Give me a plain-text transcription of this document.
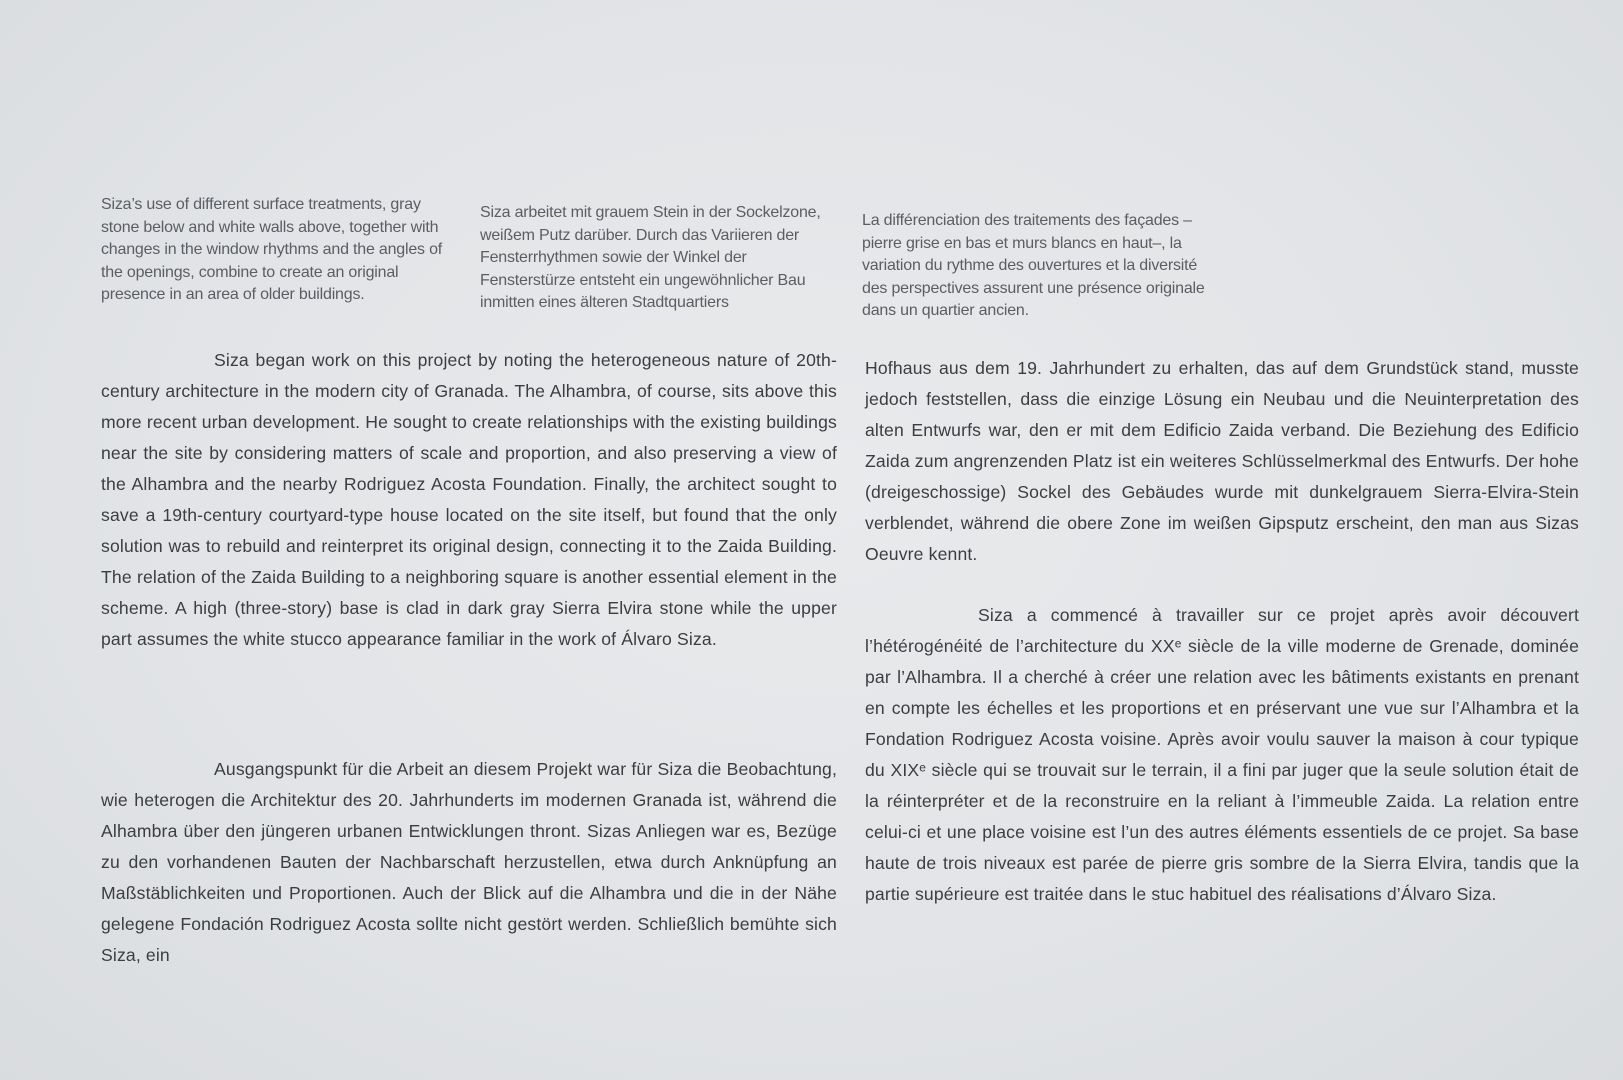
Siza’s use of different surface treatments, gray stone below and white walls above, together with changes in the window rhythms and the angles of the openings, combine to create an original presence in an area of older buildings.
Siza arbeitet mit grauem Stein in der Sockelzone, weißem Putz darüber. Durch das Variieren der Fensterrhythmen sowie der Winkel der Fensterstürze entsteht ein ungewöhnlicher Bau inmitten eines älteren Stadtquartiers
La différenciation des traitements des façades –pierre grise en bas et murs blancs en haut–, la variation du rythme des ouvertures et la diversité des perspectives assurent une présence originale dans un quartier ancien.

Siza began work on this project by noting the heterogeneous nature of 20th-century architecture in the modern city of Granada. The Alhambra, of course, sits above this more recent urban development. He sought to create relationships with the existing buildings near the site by considering matters of scale and proportion, and also preserving a view of the Alhambra and the nearby Rodriguez Acosta Foundation. Finally, the architect sought to save a 19th-century courtyard-type house located on the site itself, but found that the only solution was to rebuild and reinterpret its original design, connecting it to the Zaida Building. The relation of the Zaida Building to a neighboring square is another essential element in the scheme. A high (three-story) base is clad in dark gray Sierra Elvira stone while the upper part assumes the white stucco appearance familiar in the work of Álvaro Siza.

Ausgangspunkt für die Arbeit an diesem Projekt war für Siza die Beobachtung, wie heterogen die Architektur des 20. Jahrhunderts im modernen Granada ist, während die Alhambra über den jüngeren urbanen Entwicklungen thront. Sizas Anliegen war es, Bezüge zu den vorhandenen Bauten der Nachbarschaft herzustellen, etwa durch Anknüpfung an Maßstäblichkeiten und Proportionen. Auch der Blick auf die Alhambra und die in der Nähe gelegene Fondación Rodriguez Acosta sollte nicht gestört werden. Schließlich bemühte sich Siza, ein

Hofhaus aus dem 19. Jahrhundert zu erhalten, das auf dem Grundstück stand, musste jedoch feststellen, dass die einzige Lösung ein Neubau und die Neuinterpretation des alten Entwurfs war, den er mit dem Edificio Zaida verband. Die Beziehung des Edificio Zaida zum angrenzenden Platz ist ein weiteres Schlüsselmerkmal des Entwurfs. Der hohe (dreigeschossige) Sockel des Gebäudes wurde mit dunkelgrauem Sierra-Elvira-Stein verblendet, während die obere Zone im weißen Gipsputz erscheint, den man aus Sizas Oeuvre kennt.

Siza a commencé à travailler sur ce projet après avoir découvert l’hétérogénéité de l’architecture du XXᵉ siècle de la ville moderne de Grenade, dominée par l’Alhambra. Il a cherché à créer une relation avec les bâtiments existants en prenant en compte les échelles et les proportions et en préservant une vue sur l’Alhambra et la Fondation Rodriguez Acosta voisine. Après avoir voulu sauver la maison à cour typique du XIXᵉ siècle qui se trouvait sur le terrain, il a fini par juger que la seule solution était de la réinterpréter et de la reconstruire en la reliant à l’immeuble Zaida. La relation entre celui-ci et une place voisine est l’un des autres éléments essentiels de ce projet. Sa base haute de trois niveaux est parée de pierre gris sombre de la Sierra Elvira, tandis que la partie supérieure est traitée dans le stuc habituel des réalisations d’Álvaro Siza.
